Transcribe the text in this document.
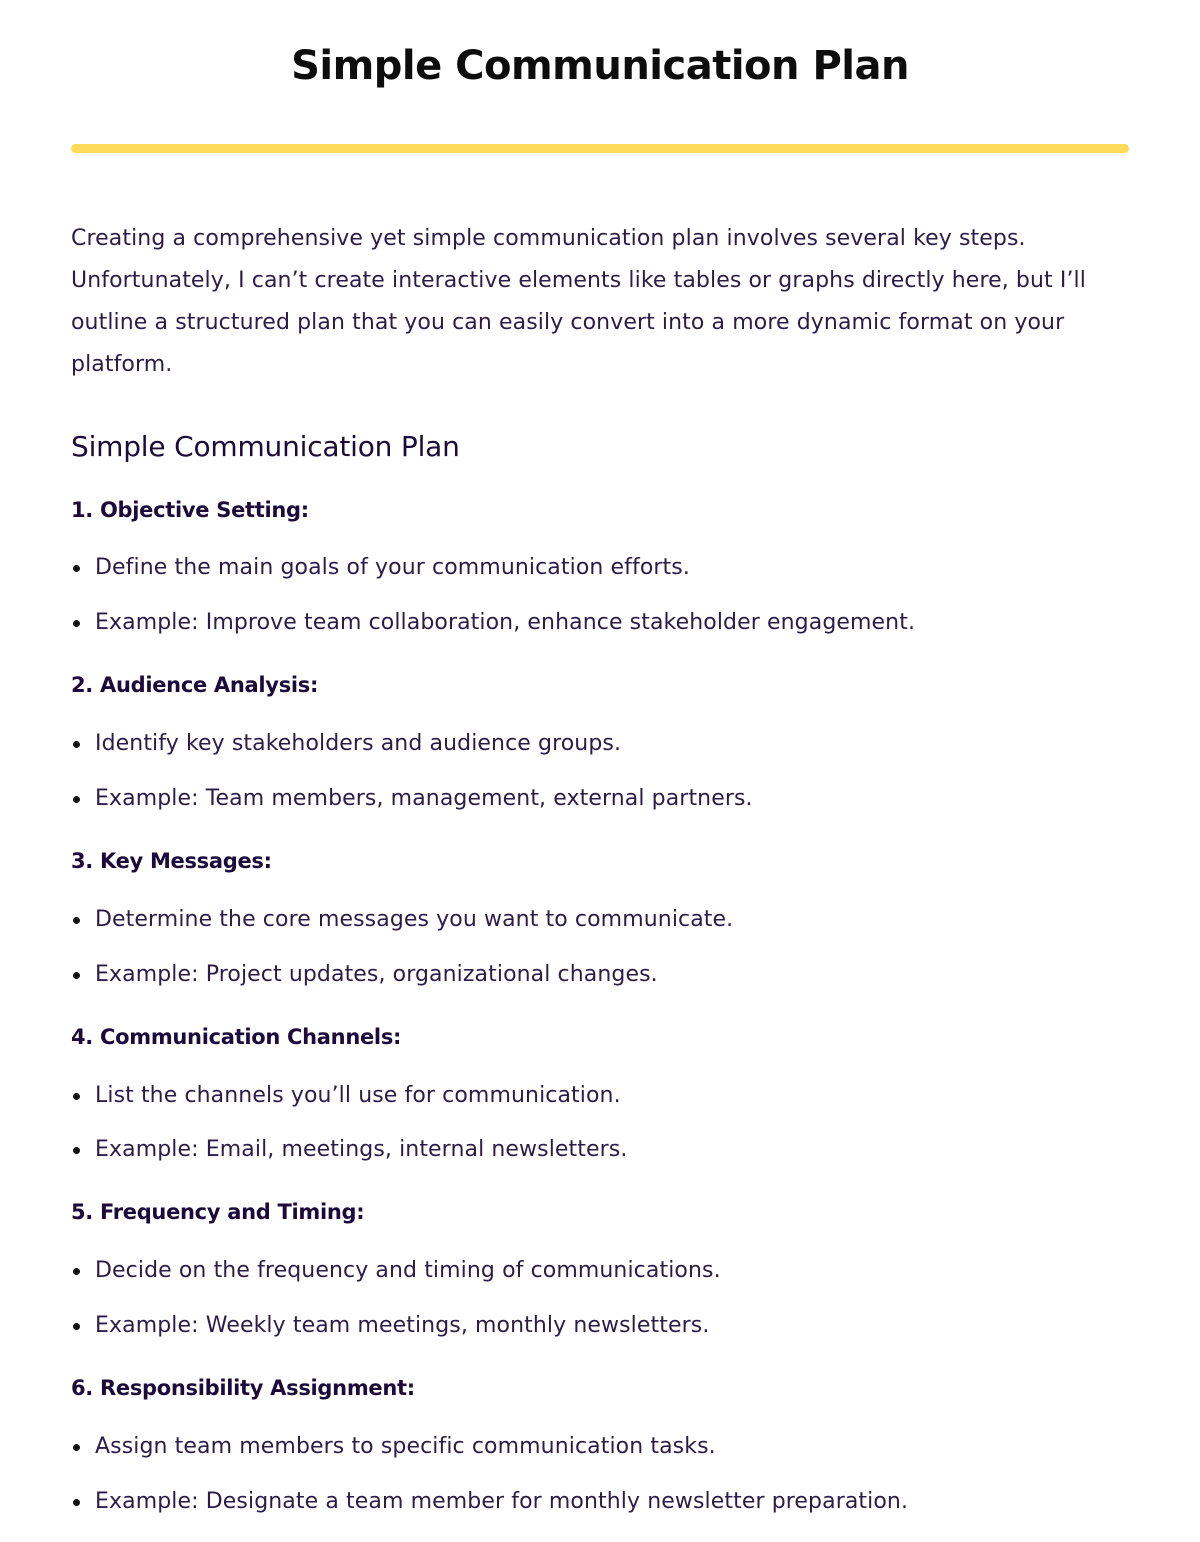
Simple Communication Plan

Creating a comprehensive yet simple communication plan involves several key steps. Unfortunately, I can’t create interactive elements like tables or graphs directly here, but I’ll outline a structured plan that you can easily convert into a more dynamic format on your platform.

Simple Communication Plan
1. Objective Setting:
Define the main goals of your communication efforts.
Example: Improve team collaboration, enhance stakeholder engagement.
2. Audience Analysis:
Identify key stakeholders and audience groups.
Example: Team members, management, external partners.
3. Key Messages:
Determine the core messages you want to communicate.
Example: Project updates, organizational changes.
4. Communication Channels:
List the channels you’ll use for communication.
Example: Email, meetings, internal newsletters.
5. Frequency and Timing:
Decide on the frequency and timing of communications.
Example: Weekly team meetings, monthly newsletters.
6. Responsibility Assignment:
Assign team members to specific communication tasks.
Example: Designate a team member for monthly newsletter preparation.
